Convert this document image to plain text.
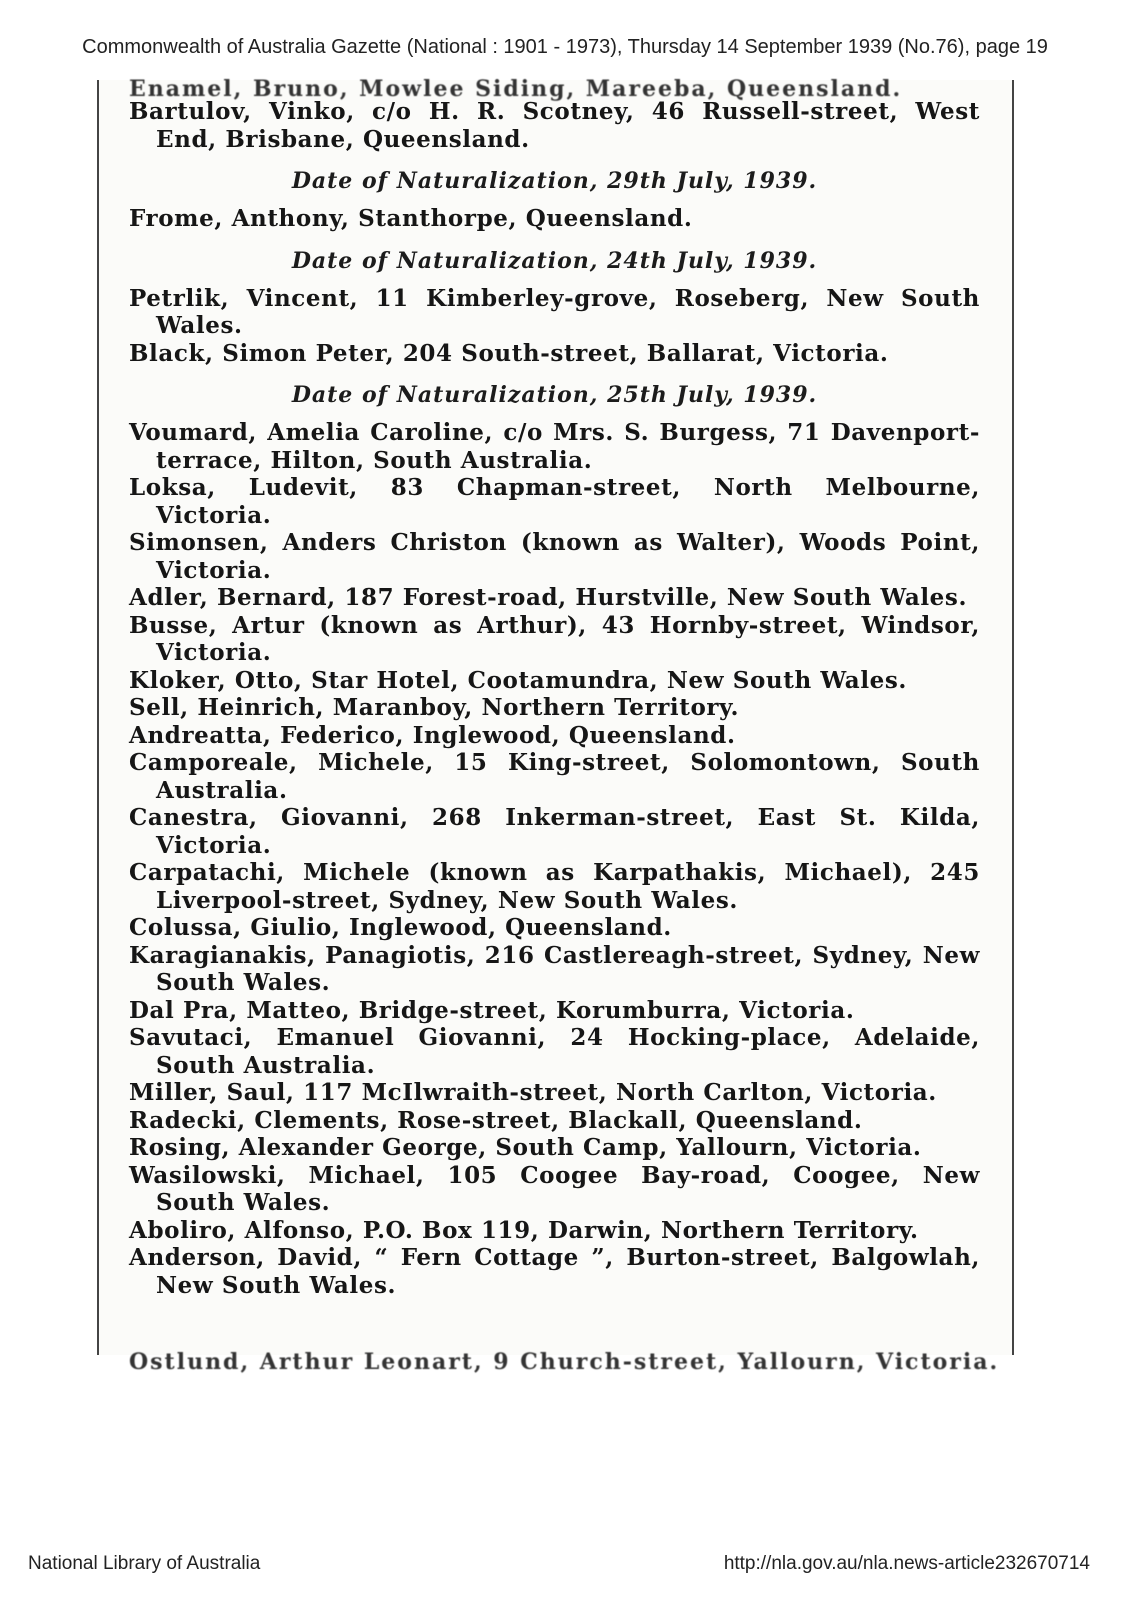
Commonwealth of Australia Gazette (National : 1901 - 1973), Thursday 14 September 1939 (No.76), page 19
Enamel, Bruno, Mowlee Siding, Mareeba, Queensland.

Bartulov, Vinko, c/o H. R. Scotney, 46 Russell-street, West End, Brisbane, Queensland.

Date of Naturalization, 29th July, 1939.

Frome, Anthony, Stanthorpe, Queensland.

Date of Naturalization, 24th July, 1939.

Petrlik, Vincent, 11 Kimberley-grove, Roseberg, New South Wales.

Black, Simon Peter, 204 South-street, Ballarat, Victoria.

Date of Naturalization, 25th July, 1939.

Voumard, Amelia Caroline, c/o Mrs. S. Burgess, 71 Davenport-terrace, Hilton, South Australia.

Loksa, Ludevit, 83 Chapman-street, North Melbourne, Victoria.

Simonsen, Anders Christon (known as Walter), Woods Point, Victoria.

Adler, Bernard, 187 Forest-road, Hurstville, New South Wales.

Busse, Artur (known as Arthur), 43 Hornby-street, Windsor, Victoria.

Kloker, Otto, Star Hotel, Cootamundra, New South Wales.

Sell, Heinrich, Maranboy, Northern Territory.

Andreatta, Federico, Inglewood, Queensland.

Camporeale, Michele, 15 King-street, Solomontown, South Australia.

Canestra, Giovanni, 268 Inkerman-street, East St. Kilda, Victoria.

Carpatachi, Michele (known as Karpathakis, Michael), 245 Liverpool-street, Sydney, New South Wales.

Colussa, Giulio, Inglewood, Queensland.

Karagianakis, Panagiotis, 216 Castlereagh-street, Sydney, New South Wales.

Dal Pra, Matteo, Bridge-street, Korumburra, Victoria.

Savutaci, Emanuel Giovanni, 24 Hocking-place, Adelaide, South Australia.

Miller, Saul, 117 McIlwraith-street, North Carlton, Victoria.

Radecki, Clements, Rose-street, Blackall, Queensland.

Rosing, Alexander George, South Camp, Yallourn, Victoria.

Wasilowski, Michael, 105 Coogee Bay-road, Coogee, New South Wales.

Aboliro, Alfonso, P.O. Box 119, Darwin, Northern Territory.

Anderson, David, “ Fern Cottage ”, Burton-street, Balgowlah, New South Wales.

Ostlund, Arthur Leonart, 9 Church-street, Yallourn, Victoria.
National Library of Australia	http://nla.gov.au/nla.news-article232670714
